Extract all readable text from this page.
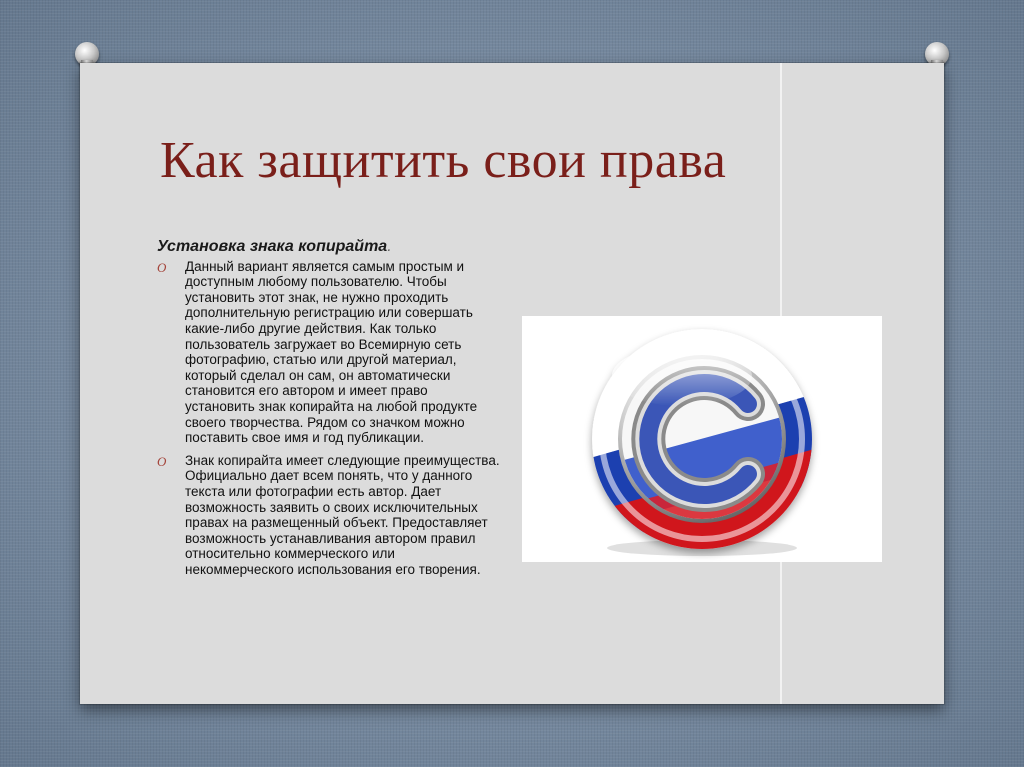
Как защитить свои права

Установка знака копирайта.

O Данный вариант является самым простым и доступным любому пользователю. Чтобы установить этот знак, не нужно проходить дополнительную регистрацию или совершать какие-либо другие действия. Как только пользователь загружает во Всемирную сеть фотографию, статью или другой материал, который сделал он сам, он автоматически становится его автором и имеет право установить знак копирайта на любой продукте своего творчества. Рядом со значком можно поставить свое имя и год публикации.
O Знак копирайта имеет следующие преимущества. Официально дает всем понять, что у данного текста или фотографии есть автор. Дает возможность заявить о своих исключительных правах на размещенный объект. Предоставляет возможность устанавливания автором правил относительно коммерческого или некоммерческого использования его творения.
